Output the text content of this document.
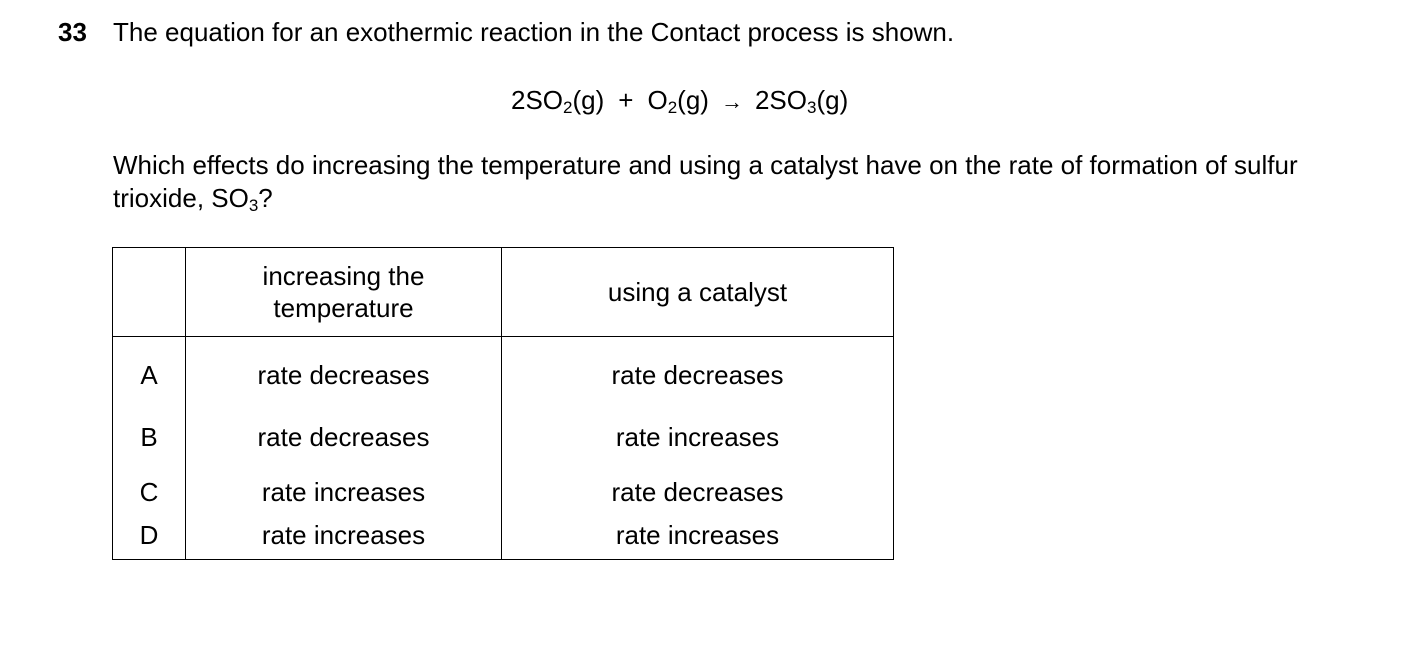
33 The equation for an exothermic reaction in the Contact process is shown.
$2SO_2(g) + O_2(g) \to 2SO_3(g)$
Which effects do increasing the temperature and using a catalyst have on the rate of formation of sulfur trioxide, $SO_3$?
	increasing the temperature	using a catalyst
A	rate decreases	rate decreases
B	rate decreases	rate increases
C	rate increases	rate decreases
D	rate increases	rate increases
